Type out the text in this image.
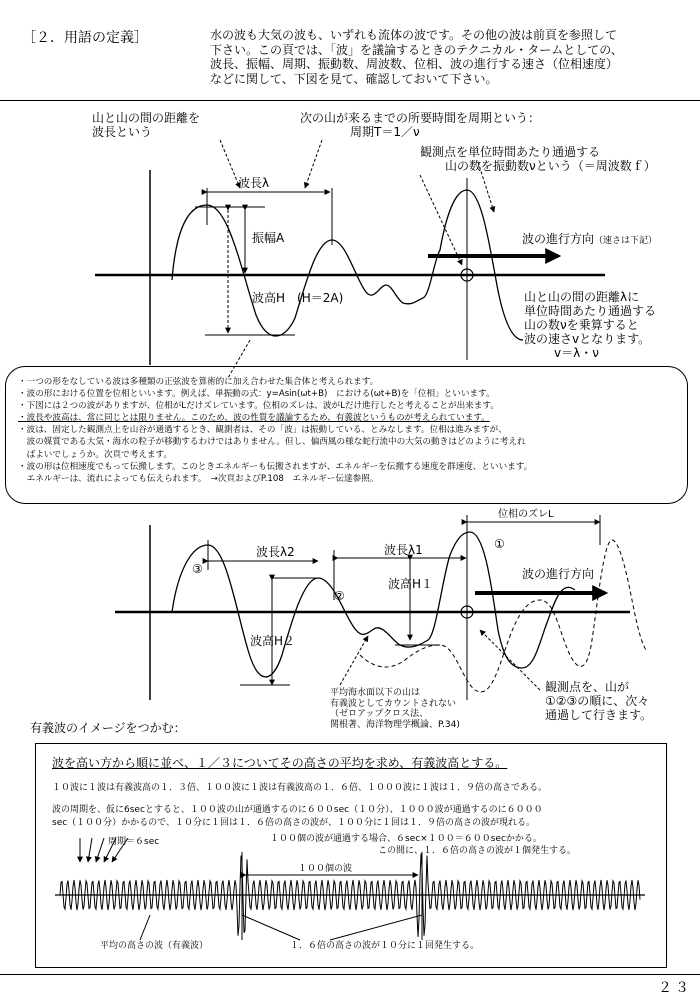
［２．用語の定義］	水の波も大気の波も、いずれも流体の波です。その他の波は前頁を参照して
下さい。この頁では、「波」を議論するときのテクニカル・タームとしての、
波長、振幅、周期、振動数、周波数、位相、波の進行する速さ（位相速度）
などに関して、下図を見て、確認しておいて下さい。
山と山の間の距離を
波長という
次の山が来るまでの所要時間を周期という：
周期T＝1／ν
観測点を単位時間あたり通過する
山の数を振動数νという（＝周波数ｆ）
波長λ
振幅A
波高H　(H＝2A)
波の進行方向（速さは下記）
山と山の間の距離λに
単位時間あたり通過する
山の数νを乗算すると
波の速さvとなります。
v＝λ・ν
・一つの形をなしている波は多種類の正弦波を算術的に加え合わせた集合体と考えられます。
・波の形における位置を位相といいます。例えば、単振動の式：y=Asin(ωt+B)　における(ωt+B)を「位相」といいます。
・下図には２つの波がありますが、位相がLだけズレています。位相のズレは、波がLだけ進行したと考えることが出来ます。
・波長や波高は、常に同じとは限りません。このため、波の性質を議論するため、有義波というものが考えられています。
・波は、固定した観測点上を山谷が通過するとき、観測者は、その「波」は振動している、とみなします。位相は進みますが、
　波の媒質である大気・海水の粒子が移動するわけではありません。但し、偏西風の様な蛇行流中の大気の動きはどのように考えれ
　ばよいでしょうか。次頁で考えます。
・波の形は位相速度でもって伝搬します。このときエネルギーも伝搬されますが、エネルギーを伝搬する速度を群速度、といいます。
　エネルギーは、流れによっても伝えられます。　→次頁およびP.108　エネルギー伝達参照。
位相のズレL
波長λ2	波長λ1
波高H１
波高H２
波の進行方向
①
②
③
平均海水面以下の山は
有義波としてカウントされない
（ゼロアップクロス法、
関根著、海洋物理学概論、P.34)
観測点を、山が
①②③の順に、次々
通過して行きます。
有義波のイメージをつかむ：
波を高い方から順に並べ、１／３についてその高さの平均を求め、有義波高とする。
１０波に１波は有義波高の１．３倍、１００波に１波は有義波高の１．６倍、１０００波に１波は１．９倍の高さである。
波の周期を、仮に6secとすると、１００波の山が通過するのに６００sec（１０分）、１０００波が通過するのに６０００
sec（１００分）かかるので、１０分に１回は１．６倍の高さの波が、１００分に１回は１．９倍の高さの波が現れる。
周期＝６sec	１００個の波が通過する場合、６sec×１００＝６００secかかる。
この間に、１．６倍の高さの波が１個発生する。
１００個の波
平均の高さの波（有義波）	１．６倍の高さの波が１０分に１回発生する。
２３
